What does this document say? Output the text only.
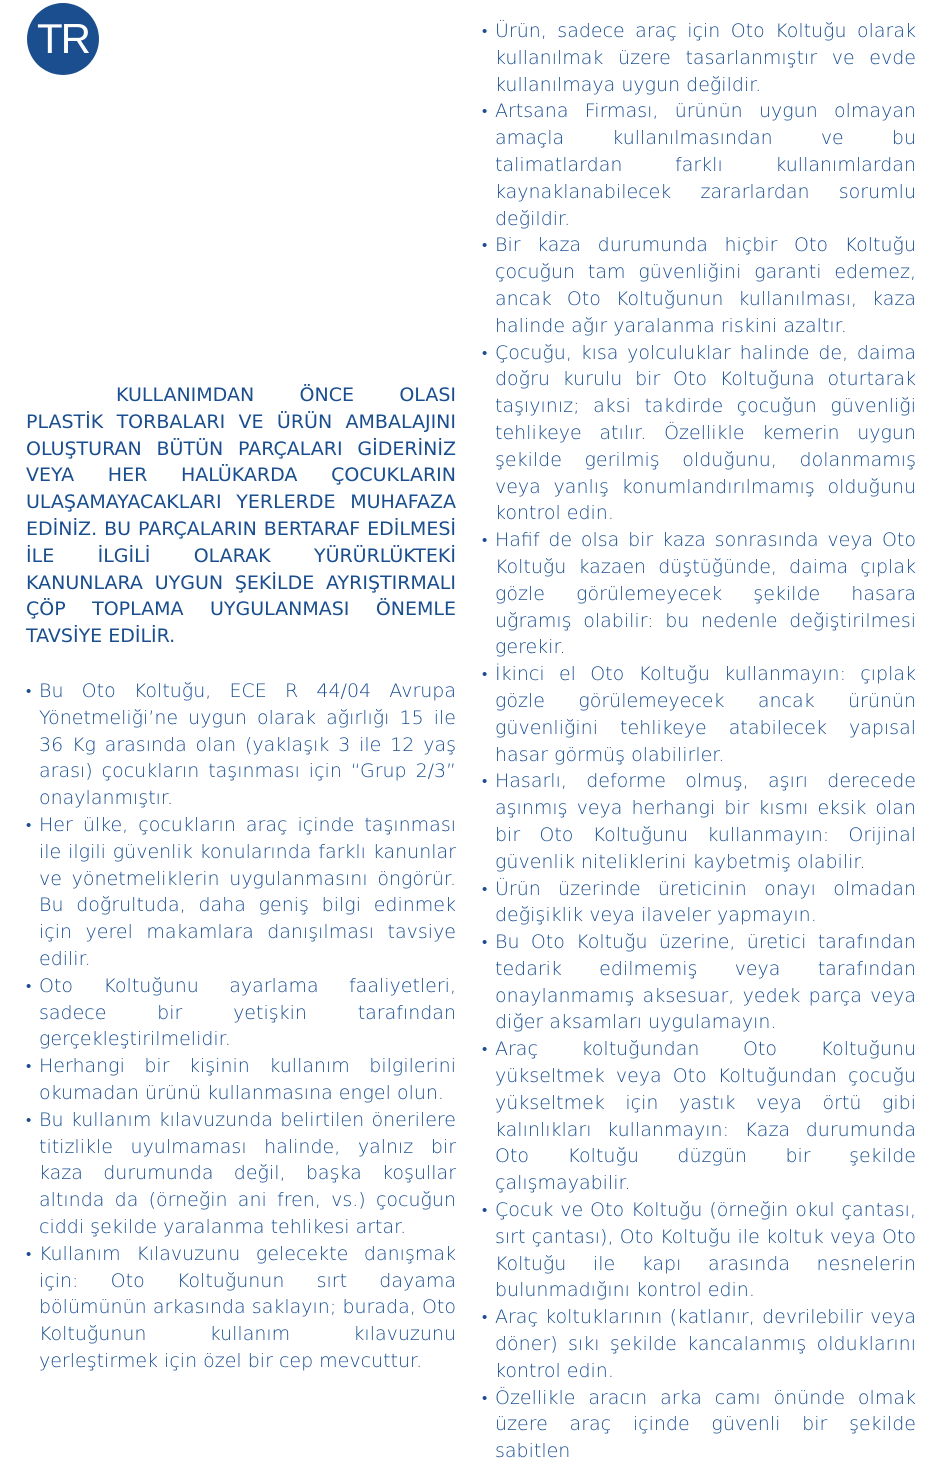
TR

KULLANIMDAN ÖNCE OLASI PLASTİK TORBALARI VE ÜRÜN AMBALAJINI OLUŞTURAN BÜTÜN PARÇALARI GİDERİNİZ VEYA HER HALÜKARDA ÇOCUKLARIN ULAŞAMAYACAKLARI YERLERDE MUHAFAZA EDİNİZ. BU PARÇALARIN BERTARAF EDİLMESİ İLE İLGİLİ OLARAK YÜRÜRLÜKTEKİ KANUNLARA UYGUN ŞEKİLDE AYRIŞTIRMALI ÇÖP TOPLAMA UYGULANMASI ÖNEMLE TAVSİYE EDİLİR.

• Bu Oto Koltuğu, ECE R 44/04 Avrupa Yönetmeliği’ne uygun olarak ağırlığı 15 ile 36 Kg arasında olan (yaklaşık 3 ile 12 yaş arası) çocukların taşınması için “Grup 2/3” onaylanmıştır.
• Her ülke, çocukların araç içinde taşınması ile ilgili güvenlik konularında farklı kanunlar ve yönetmeliklerin uygulanmasını öngörür. Bu doğrultuda, daha geniş bilgi edinmek için yerel makamlara danışılması tavsiye edilir.
• Oto Koltuğunu ayarlama faaliyetleri, sadece bir yetişkin tarafından gerçekleştirilmelidir.
• Herhangi bir kişinin kullanım bilgilerini okumadan ürünü kullanmasına engel olun.
• Bu kullanım kılavuzunda belirtilen önerilere titizlikle uyulmaması halinde, yalnız bir kaza durumunda değil, başka koşullar altında da (örneğin ani fren, vs.) çocuğun ciddi şekilde yaralanma tehlikesi artar.
• Kullanım Kılavuzunu gelecekte danışmak için: Oto Koltuğunun sırt dayama bölümünün arkasında saklayın; burada, Oto Koltuğunun kullanım kılavuzunu yerleştirmek için özel bir cep mevcuttur.
• Ürün, sadece araç için Oto Koltuğu olarak kullanılmak üzere tasarlanmıştır ve evde kullanılmaya uygun değildir.
• Artsana Firması, ürünün uygun olmayan amaçla kullanılmasından ve bu talimatlardan farklı kullanımlardan kaynaklanabilecek zararlardan sorumlu değildir.
• Bir kaza durumunda hiçbir Oto Koltuğu çocuğun tam güvenliğini garanti edemez, ancak Oto Koltuğunun kullanılması, kaza halinde ağır yaralanma riskini azaltır.
• Çocuğu, kısa yolculuklar halinde de, daima doğru kurulu bir Oto Koltuğuna oturtarak taşıyınız; aksi takdirde çocuğun güvenliği tehlikeye atılır. Özellikle kemerin uygun şekilde gerilmiş olduğunu, dolanmamış veya yanlış konumlandırılmamış olduğunu kontrol edin.
• Hafif de olsa bir kaza sonrasında veya Oto Koltuğu kazaen düştüğünde, daima çıplak gözle görülemeyecek şekilde hasara uğramış olabilir: bu nedenle değiştirilmesi gerekir.
• İkinci el Oto Koltuğu kullanmayın: çıplak gözle görülemeyecek ancak ürünün güvenliğini tehlikeye atabilecek yapısal hasar görmüş olabilirler.
• Hasarlı, deforme olmuş, aşırı derecede aşınmış veya herhangi bir kısmı eksik olan bir Oto Koltuğunu kullanmayın: Orijinal güvenlik niteliklerini kaybetmiş olabilir.
• Ürün üzerinde üreticinin onayı olmadan değişiklik veya ilaveler yapmayın.
• Bu Oto Koltuğu üzerine, üretici tarafından tedarik edilmemiş veya tarafından onaylanmamış aksesuar, yedek parça veya diğer aksamları uygulamayın.
• Araç koltuğundan Oto Koltuğunu yükseltmek veya Oto Koltuğundan çocuğu yükseltmek için yastık veya örtü gibi kalınlıkları kullanmayın: Kaza durumunda Oto Koltuğu düzgün bir şekilde çalışmayabilir.
• Çocuk ve Oto Koltuğu (örneğin okul çantası, sırt çantası), Oto Koltuğu ile koltuk veya Oto Koltuğu ile kapı arasında nesnelerin bulunmadığını kontrol edin.
• Araç koltuklarının (katlanır, devrilebilir veya döner) sıkı şekilde kancalanmış olduklarını kontrol edin.
• Özellikle aracın arka camı önünde olmak üzere araç içinde güvenli bir şekilde sabitlen
